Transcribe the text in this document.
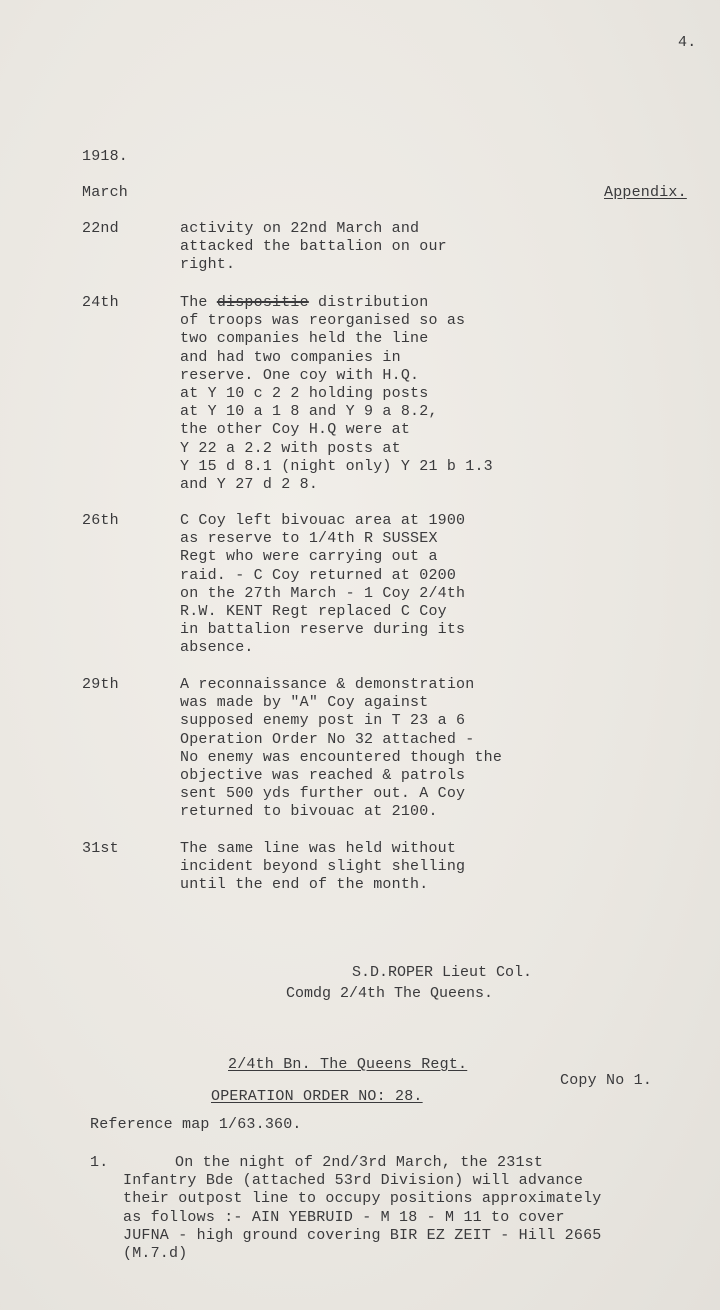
4.
1918.
March	Appendix.
22nd	activity on 22nd March and
attacked the battalion on our
right.
24th	The dispositie distribution
of troops was reorganised so as
two companies held the line
and had two companies in
reserve. One coy with H.Q.
at Y 10 c 2 2 holding posts
at Y 10 a 1 8 and Y 9 a 8.2,
the other Coy H.Q were at
Y 22 a 2.2 with posts at
Y 15 d 8.1 (night only) Y 21 b 1.3
and Y 27 d 2 8.
26th	C Coy left bivouac area at 1900
as reserve to 1/4th R SUSSEX
Regt who were carrying out a
raid. - C Coy returned at 0200
on the 27th March - 1 Coy 2/4th
R.W. KENT Regt replaced C Coy
in battalion reserve during its
absence.
29th	A reconnaissance & demonstration
was made by "A" Coy against
supposed enemy post in T 23 a 6
Operation Order No 32 attached -
No enemy was encountered though the
objective was reached & patrols
sent 500 yds further out. A Coy
returned to bivouac at 2100.
31st	The same line was held without
incident beyond slight shelling
until the end of the month.
S.D.ROPER Lieut Col.
Comdg 2/4th The Queens.
2/4th Bn. The Queens Regt.
OPERATION ORDER NO: 28.
Copy No 1.
Reference map 1/63.360.
1.	On the night of 2nd/3rd March, the 231st
Infantry Bde (attached 53rd Division) will advance
their outpost line to occupy positions approximately
as follows :- AIN YEBRUID - M 18 - M 11 to cover
JUFNA - high ground covering BIR EZ ZEIT - Hill 2665
(M.7.d)
